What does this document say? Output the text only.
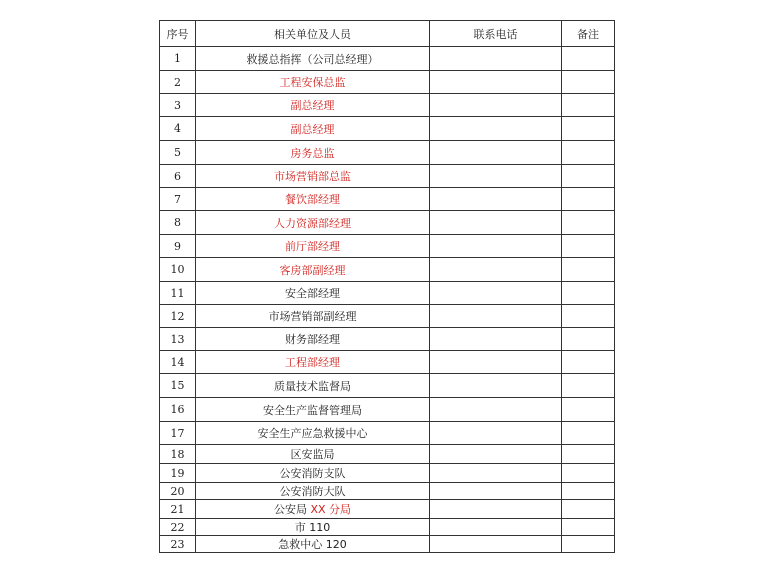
序号	相关单位及人员	联系电话	备注
1	救援总指挥（公司总经理）		
2	工程安保总监		
3	副总经理		
4	副总经理		
5	房务总监		
6	市场营销部总监		
7	餐饮部经理		
8	人力资源部经理		
9	前厅部经理		
10	客房部副经理		
11	安全部经理		
12	市场营销部副经理		
13	财务部经理		
14	工程部经理		
15	质量技术监督局		
16	安全生产监督管理局		
17	安全生产应急救援中心		
18	区安监局		
19	公安消防支队		
20	公安消防大队		
21	公安局 XX 分局		
22	市 110		
23	急救中心 120		
